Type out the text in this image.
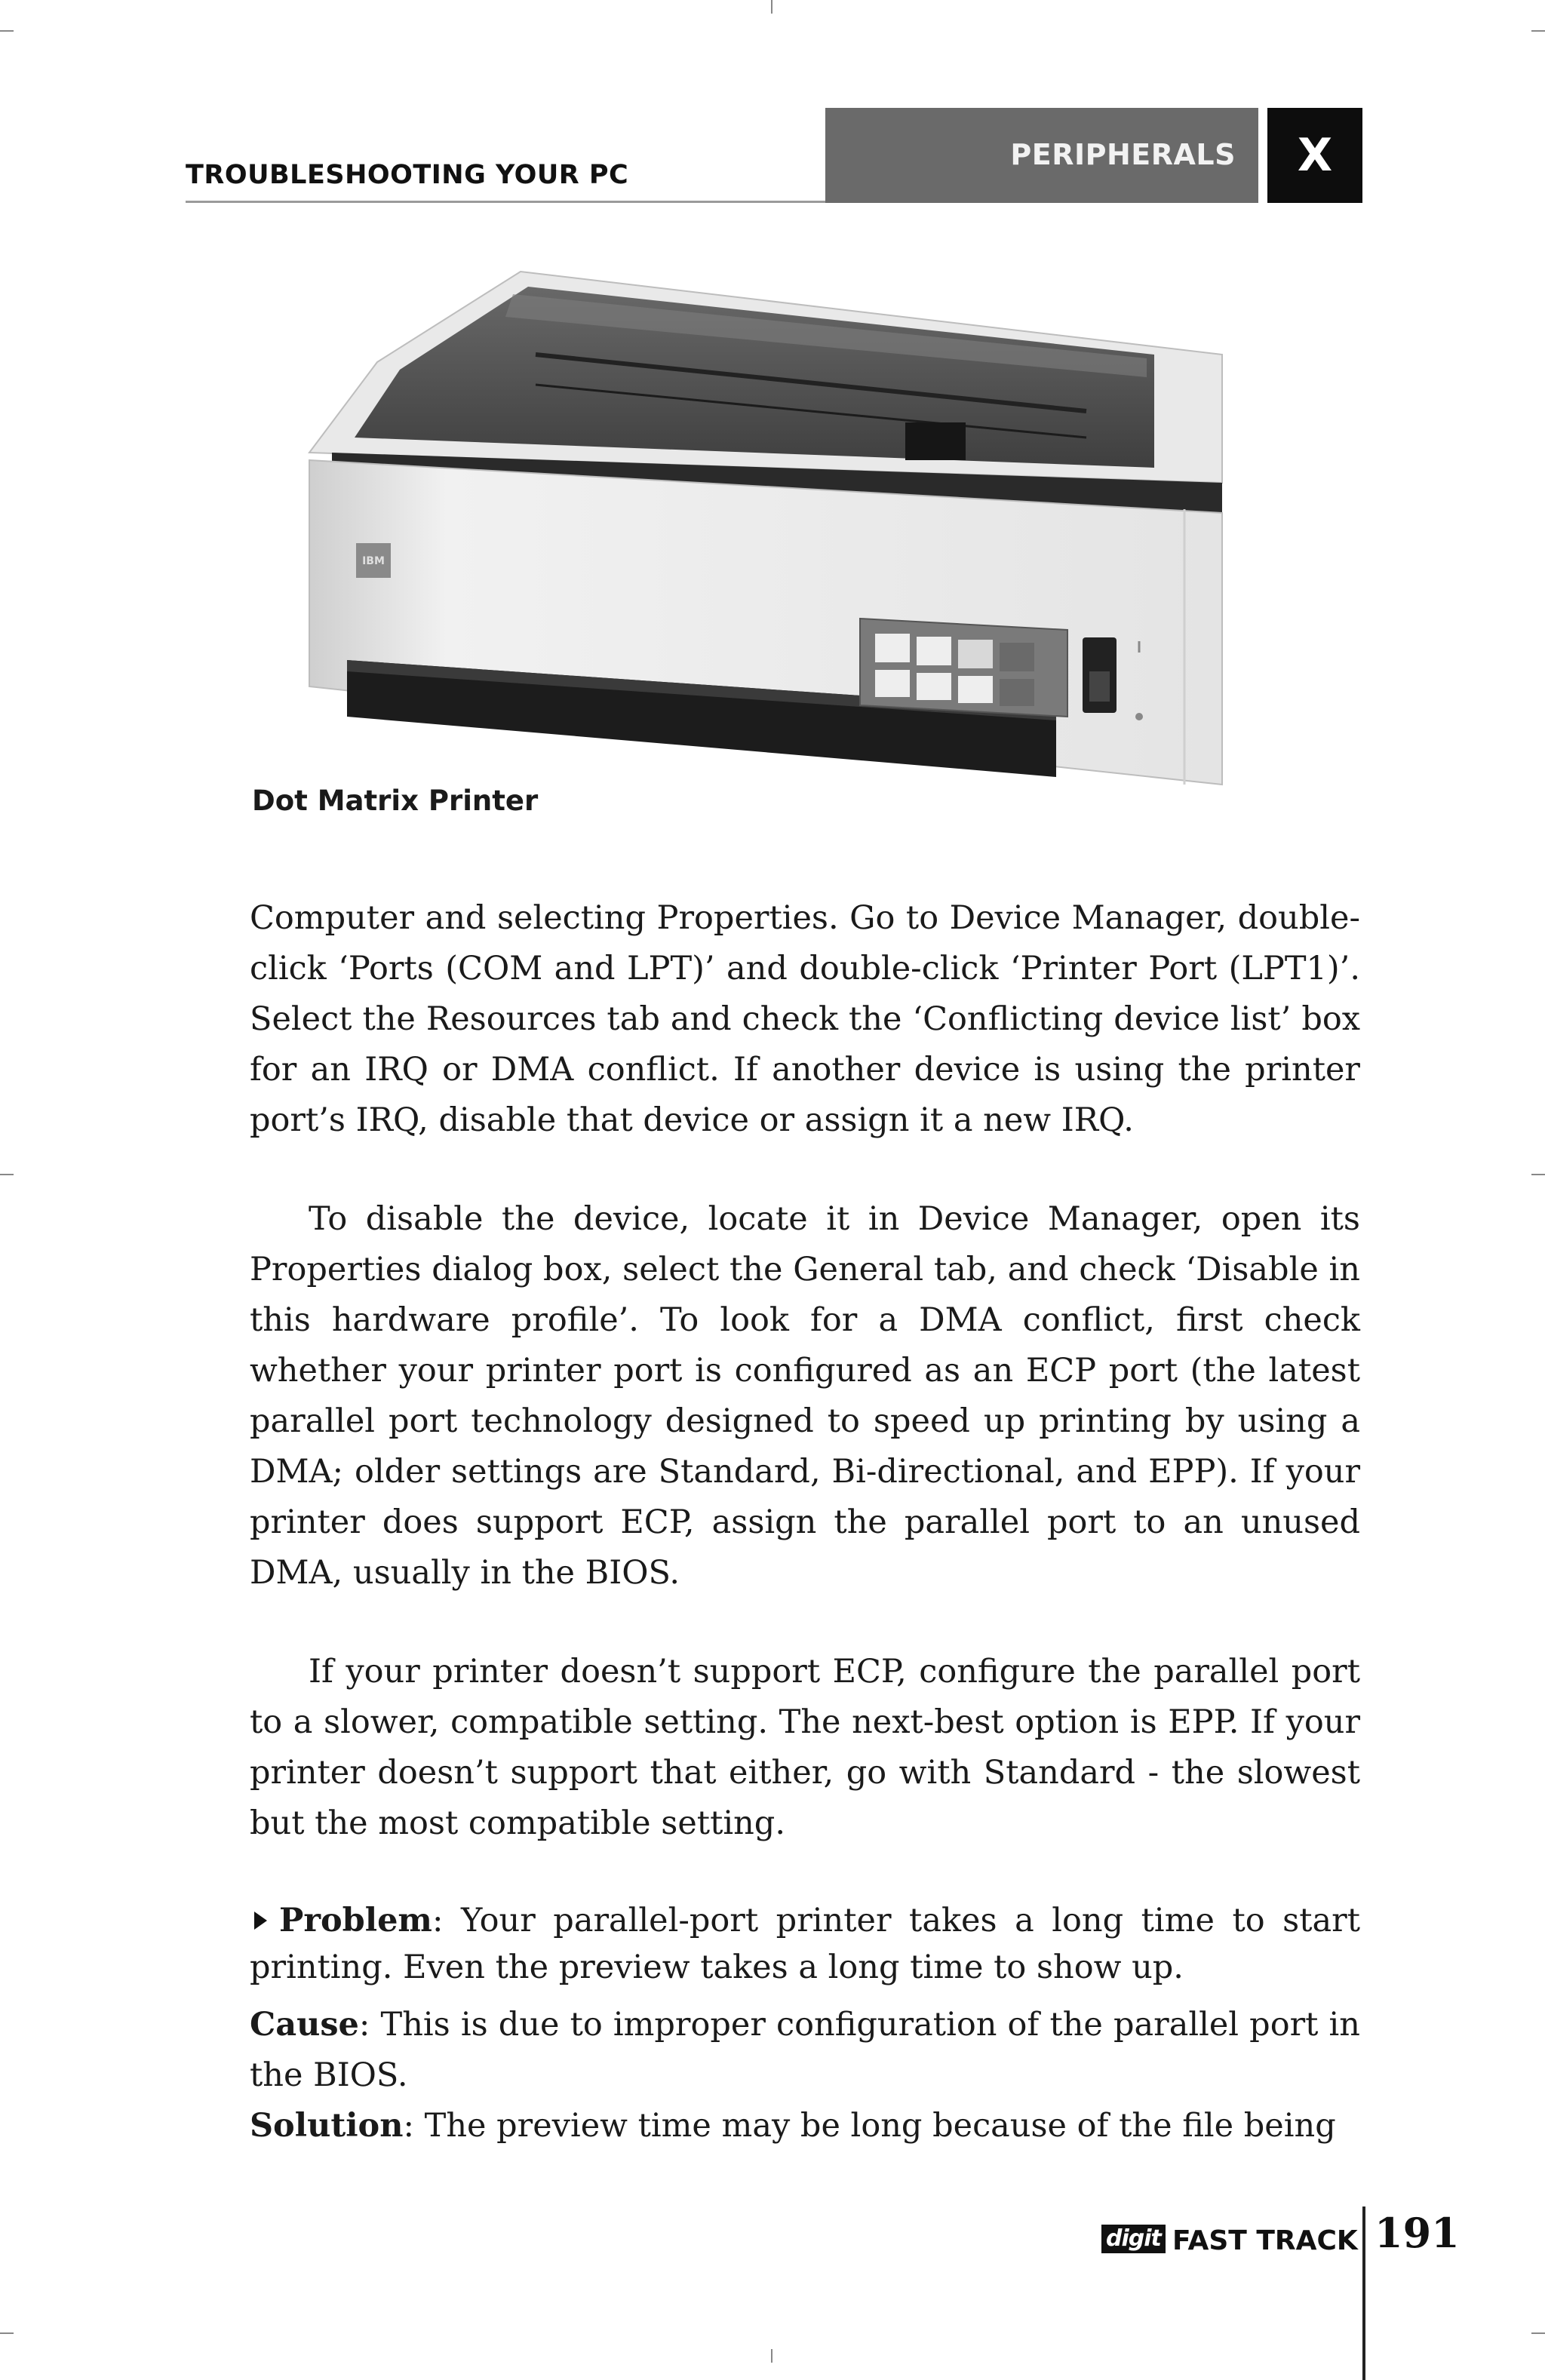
TROUBLESHOOTING YOUR PC
PERIPHERALS	X
IBM
Dot Matrix Printer

Computer and selecting Properties. Go to Device Manager, double-click ‘Ports (COM and LPT)’ and double-click ‘Printer Port (LPT1)’. Select the Resources tab and check the ‘Conflicting device list’ box for an IRQ or DMA conflict. If another device is using the printer port’s IRQ, disable that device or assign it a new IRQ.

To disable the device, locate it in Device Manager, open its Properties dialog box, select the General tab, and check ‘Disable in this hardware profile’. To look for a DMA conflict, first check whether your printer port is configured as an ECP port (the latest parallel port technology designed to speed up printing by using a DMA; older settings are Standard, Bi-directional, and EPP). If your printer does support ECP, assign the parallel port to an unused DMA, usually in the BIOS.

If your printer doesn’t support ECP, configure the parallel port to a slower, compatible setting. The next-best option is EPP. If your printer doesn’t support that either, go with Standard - the slowest but the most compatible setting.

Problem: Your parallel-port printer takes a long time to start printing. Even the preview takes a long time to show up.

Cause: This is due to improper configuration of the parallel port in the BIOS.

Solution: The preview time may be long because of the file being

digit FAST TRACK 191
